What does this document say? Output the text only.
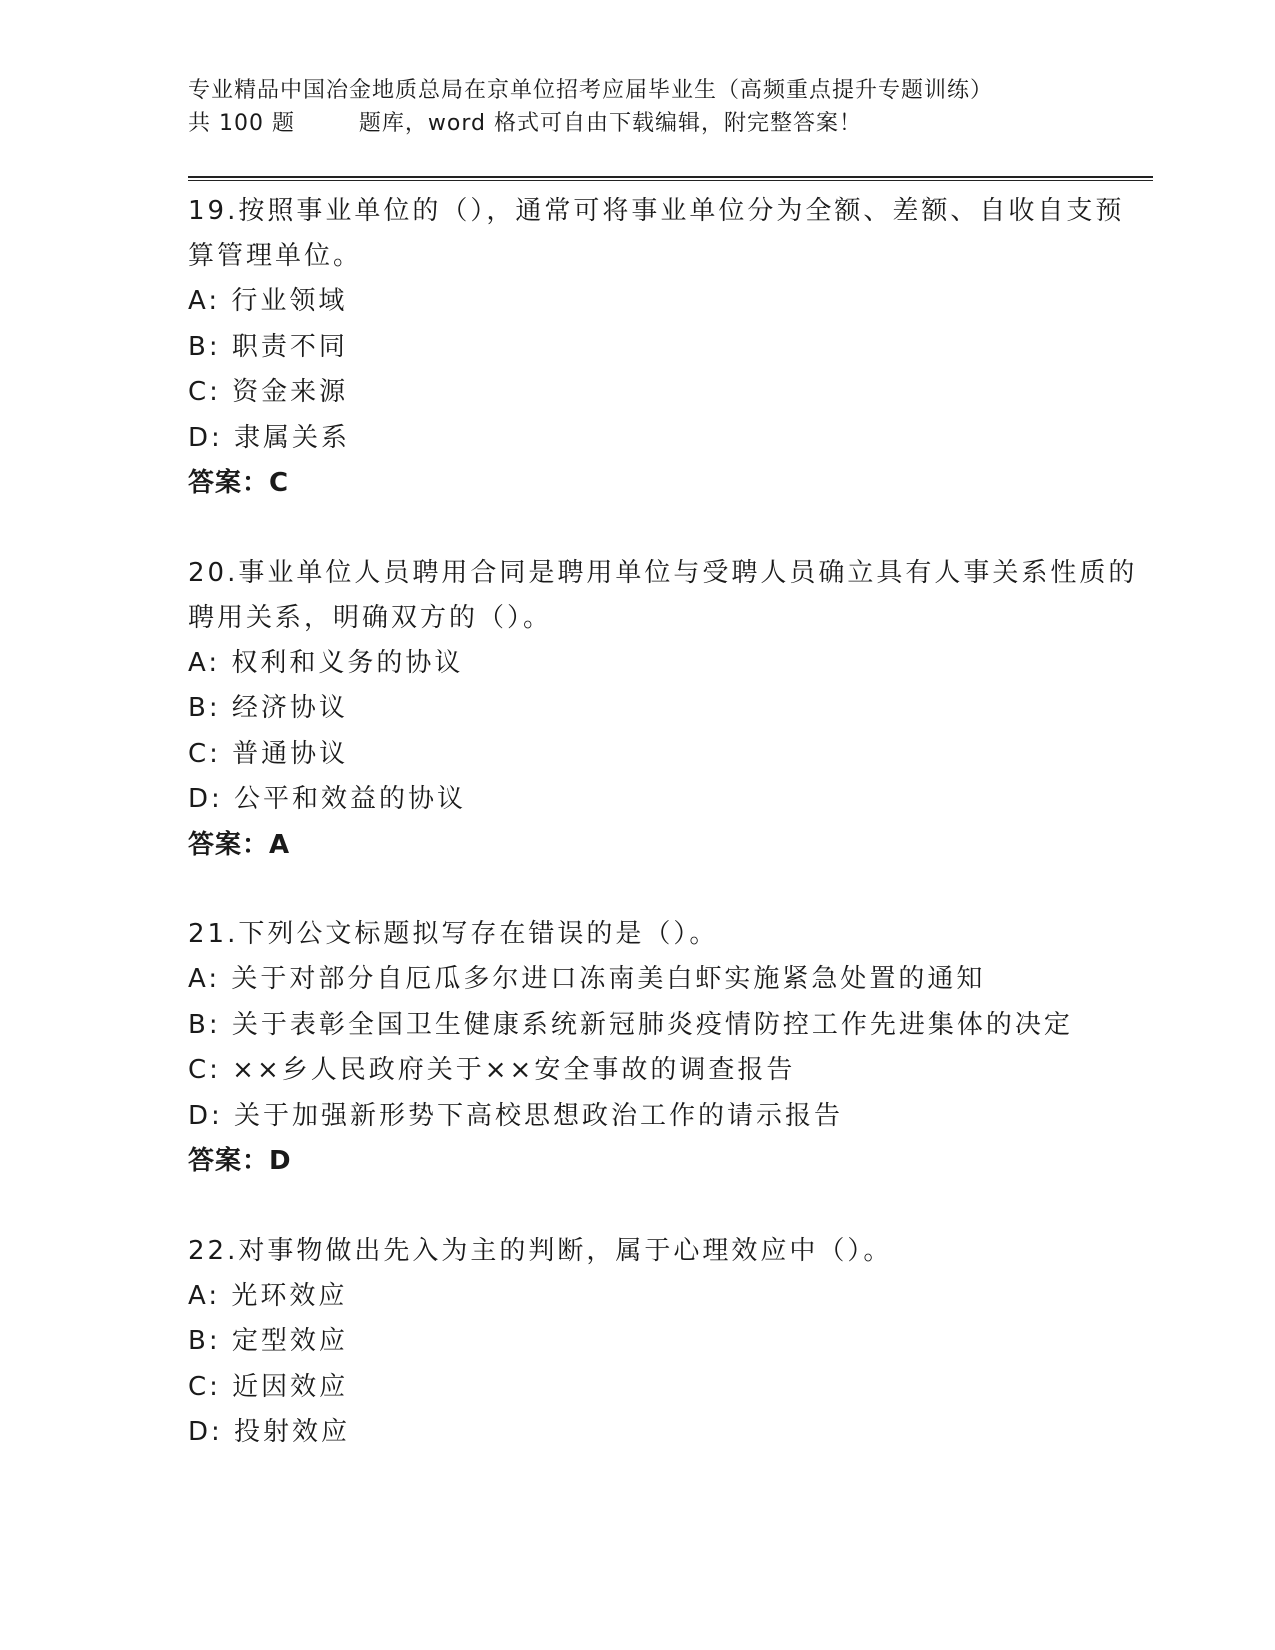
专业精品中国冶金地质总局在京单位招考应届毕业生（高频重点提升专题训练）
共 100 题        题库，word 格式可自由下载编辑，附完整答案！

19.按照事业单位的（），通常可将事业单位分为全额、差额、自收自支预算管理单位。

A: 行业领域

B: 职责不同

C: 资金来源

D: 隶属关系

答案：C

20.事业单位人员聘用合同是聘用单位与受聘人员确立具有人事关系性质的聘用关系，明确双方的（）。

A: 权利和义务的协议

B: 经济协议

C: 普通协议

D: 公平和效益的协议

答案：A

21.下列公文标题拟写存在错误的是（）。

A: 关于对部分自厄瓜多尔进口冻南美白虾实施紧急处置的通知

B: 关于表彰全国卫生健康系统新冠肺炎疫情防控工作先进集体的决定

C: ××乡人民政府关于××安全事故的调查报告

D: 关于加强新形势下高校思想政治工作的请示报告

答案：D

22.对事物做出先入为主的判断，属于心理效应中（）。

A: 光环效应

B: 定型效应

C: 近因效应

D: 投射效应
